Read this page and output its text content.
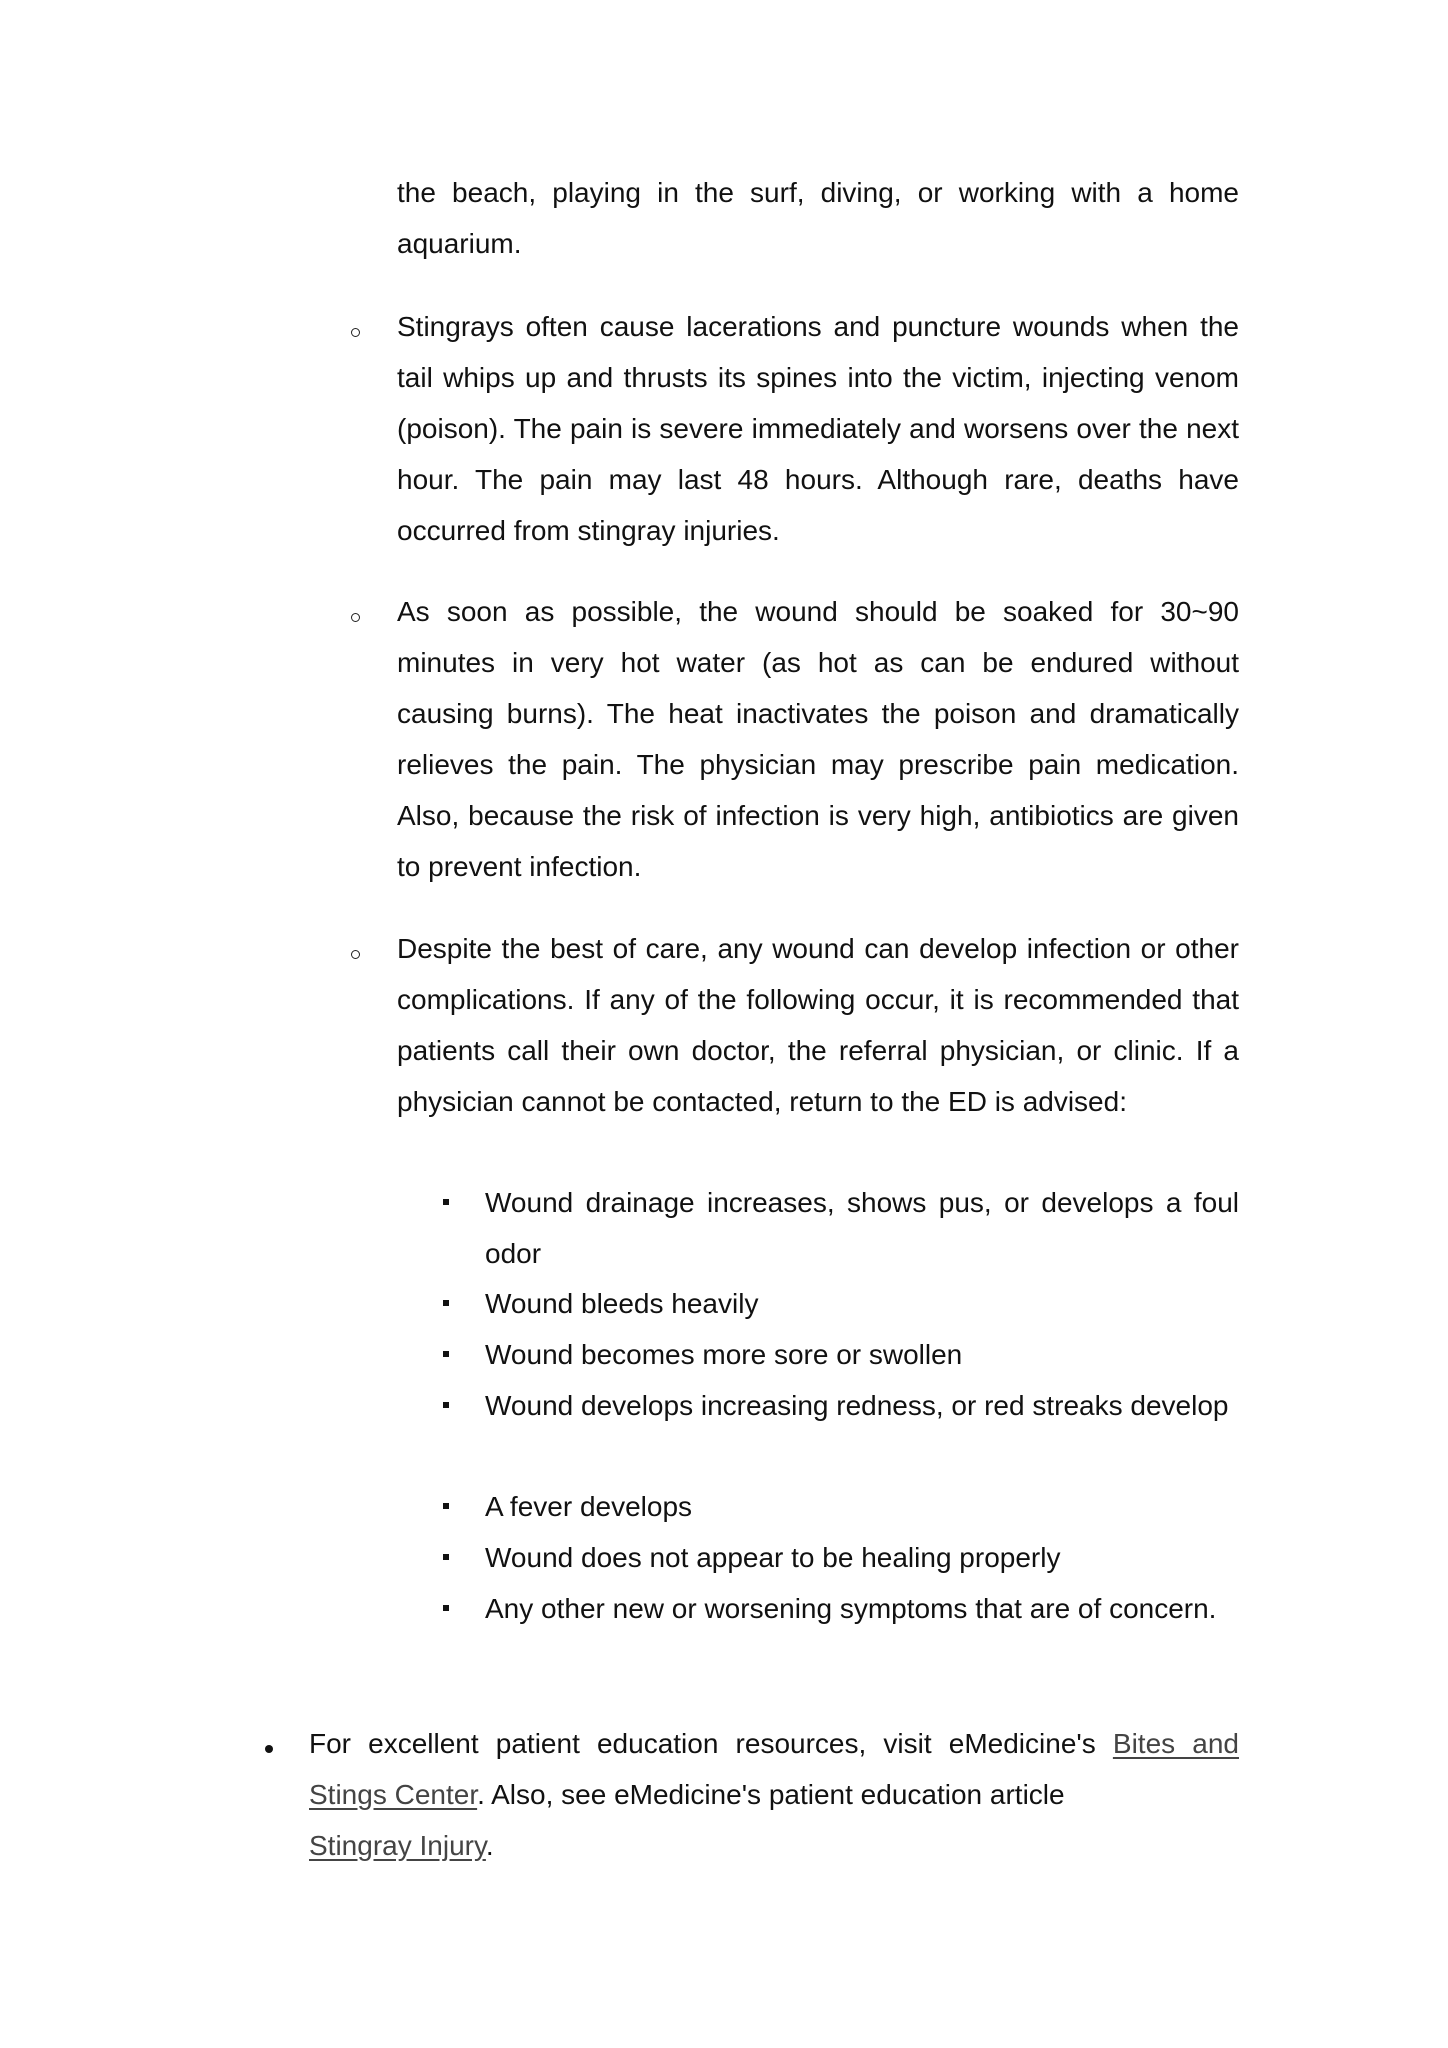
the beach, playing in the surf, diving, or working with a home aquarium.
Stingrays often cause lacerations and puncture wounds when the tail whips up and thrusts its spines into the victim, injecting venom (poison). The pain is severe immediately and worsens over the next hour. The pain may last 48 hours. Although rare, deaths have occurred from stingray injuries.
As soon as possible, the wound should be soaked for 30~90 minutes in very hot water (as hot as can be endured without causing burns). The heat inactivates the poison and dramatically relieves the pain. The physician may prescribe pain medication. Also, because the risk of infection is very high, antibiotics are given to prevent infection.
Despite the best of care, any wound can develop infection or other complications. If any of the following occur, it is recommended that patients call their own doctor, the referral physician, or clinic. If a physician cannot be contacted, return to the ED is advised:
Wound drainage increases, shows pus, or develops a foul odor
Wound bleeds heavily
Wound becomes more sore or swollen
Wound develops increasing redness, or red streaks develop
A fever develops
Wound does not appear to be healing properly
Any other new or worsening symptoms that are of concern.
For excellent patient education resources, visit eMedicine's Bites and Stings Center. Also, see eMedicine's patient education article
Stingray Injury.
